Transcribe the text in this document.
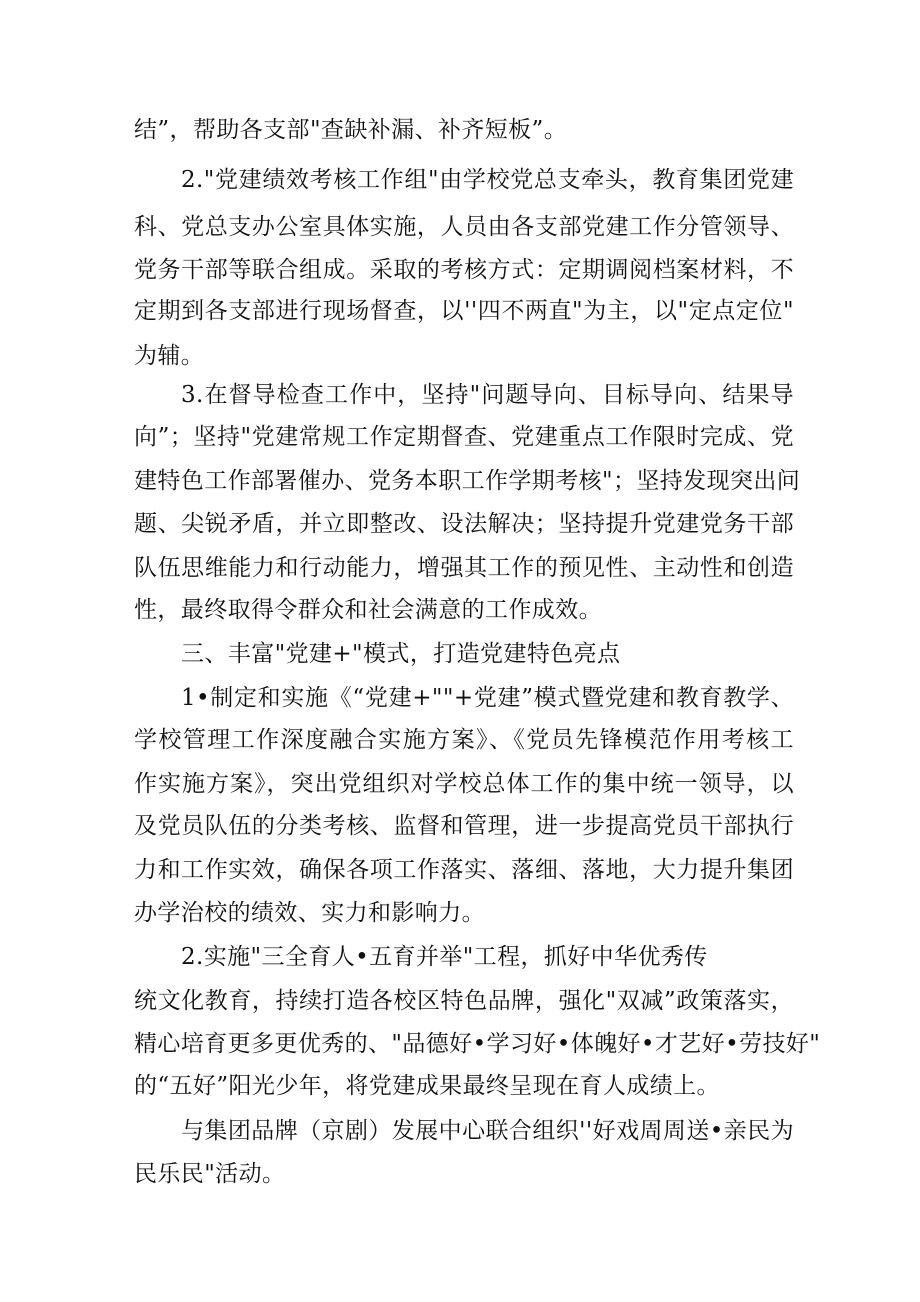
结”，帮助各支部"查缺补漏、补齐短板”。
2."党建绩效考核工作组"由学校党总支牵头，教育集团党建
科、党总支办公室具体实施，人员由各支部党建工作分管领导、
党务干部等联合组成。采取的考核方式：定期调阅档案材料，不
定期到各支部进行现场督查，以''四不两直"为主，以"定点定位"
为辅。
3.在督导检查工作中，坚持"问题导向、目标导向、结果导
向”；坚持"党建常规工作定期督查、党建重点工作限时完成、党
建特色工作部署催办、党务本职工作学期考核"；坚持发现突出问
题、尖锐矛盾，并立即整改、设法解决；坚持提升党建党务干部
队伍思维能力和行动能力，增强其工作的预见性、主动性和创造
性，最终取得令群众和社会满意的工作成效。
三、丰富"党建+"模式，打造党建特色亮点
1•制定和实施《“党建+""+党建”模式暨党建和教育教学、
学校管理工作深度融合实施方案》、《党员先锋模范作用考核工
作实施方案》，突出党组织对学校总体工作的集中统一领导，以
及党员队伍的分类考核、监督和管理，进一步提高党员干部执行
力和工作实效，确保各项工作落实、落细、落地，大力提升集团
办学治校的绩效、实力和影响力。
2.实施"三全育人•五育并举"工程，抓好中华优秀传
统文化教育，持续打造各校区特色品牌，强化"双减”政策落实，
精心培育更多更优秀的、"品德好•学习好•体魄好•才艺好•劳技好"
的“五好”阳光少年，将党建成果最终呈现在育人成绩上。
与集团品牌（京剧）发展中心联合组织''好戏周周送•亲民为
民乐民"活动。
